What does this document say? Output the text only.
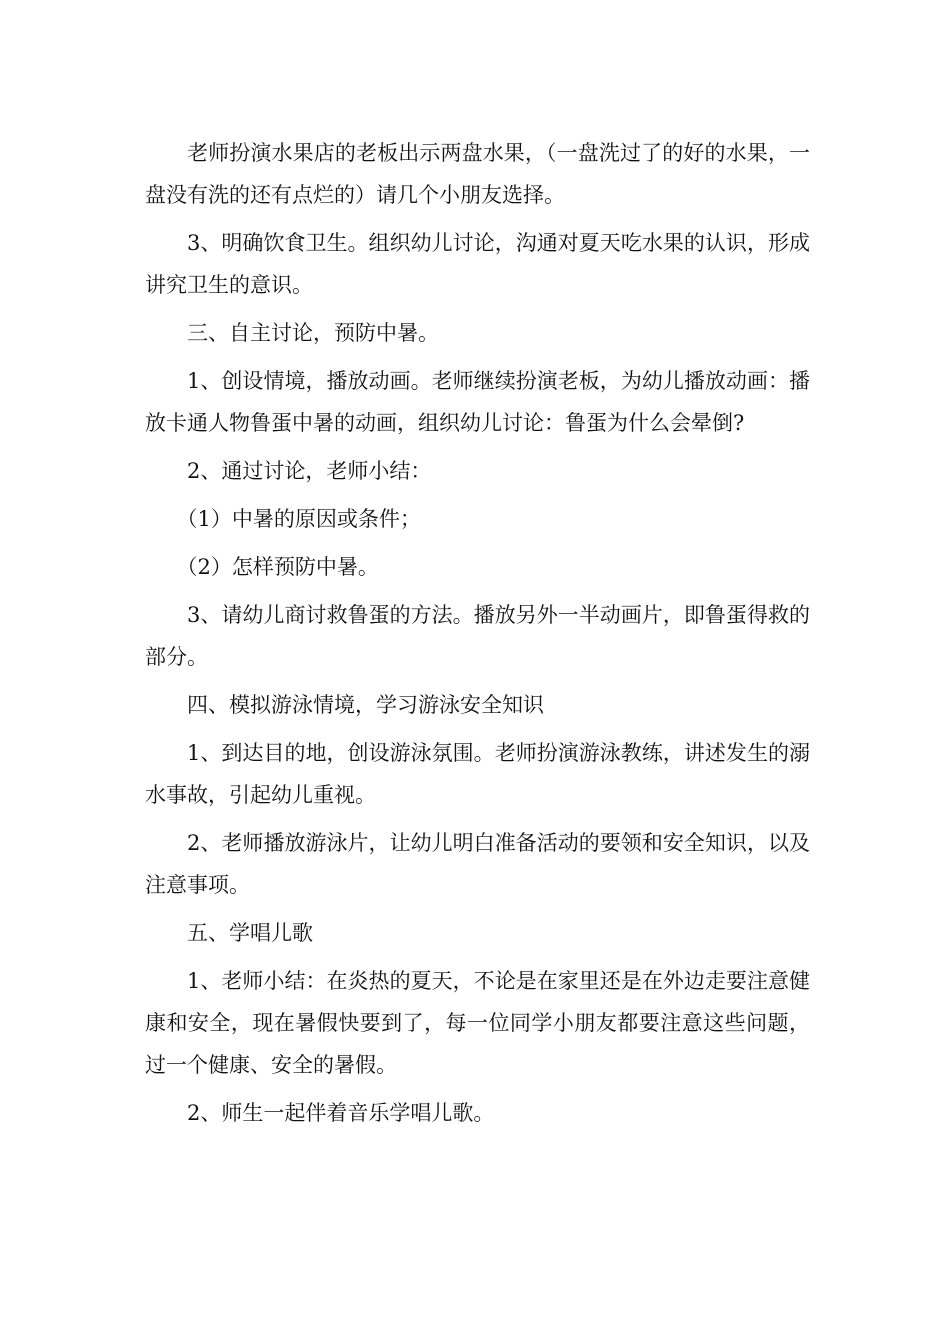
老师扮演水果店的老板出示两盘水果，（一盘洗过了的好的水果，一盘没有洗的还有点烂的）请几个小朋友选择。

3、明确饮食卫生。组织幼儿讨论，沟通对夏天吃水果的认识，形成讲究卫生的意识。

三、自主讨论，预防中暑。

1、创设情境，播放动画。老师继续扮演老板，为幼儿播放动画：播放卡通人物鲁蛋中暑的动画，组织幼儿讨论：鲁蛋为什么会晕倒?

2、通过讨论，老师小结：

（1）中暑的原因或条件；

（2）怎样预防中暑。

3、请幼儿商讨救鲁蛋的方法。播放另外一半动画片，即鲁蛋得救的部分。

四、模拟游泳情境，学习游泳安全知识

1、到达目的地，创设游泳氛围。老师扮演游泳教练，讲述发生的溺水事故，引起幼儿重视。

2、老师播放游泳片，让幼儿明白准备活动的要领和安全知识，以及注意事项。

五、学唱儿歌

1、老师小结：在炎热的夏天，不论是在家里还是在外边走要注意健康和安全，现在暑假快要到了，每一位同学小朋友都要注意这些问题，过一个健康、安全的暑假。

2、师生一起伴着音乐学唱儿歌。
